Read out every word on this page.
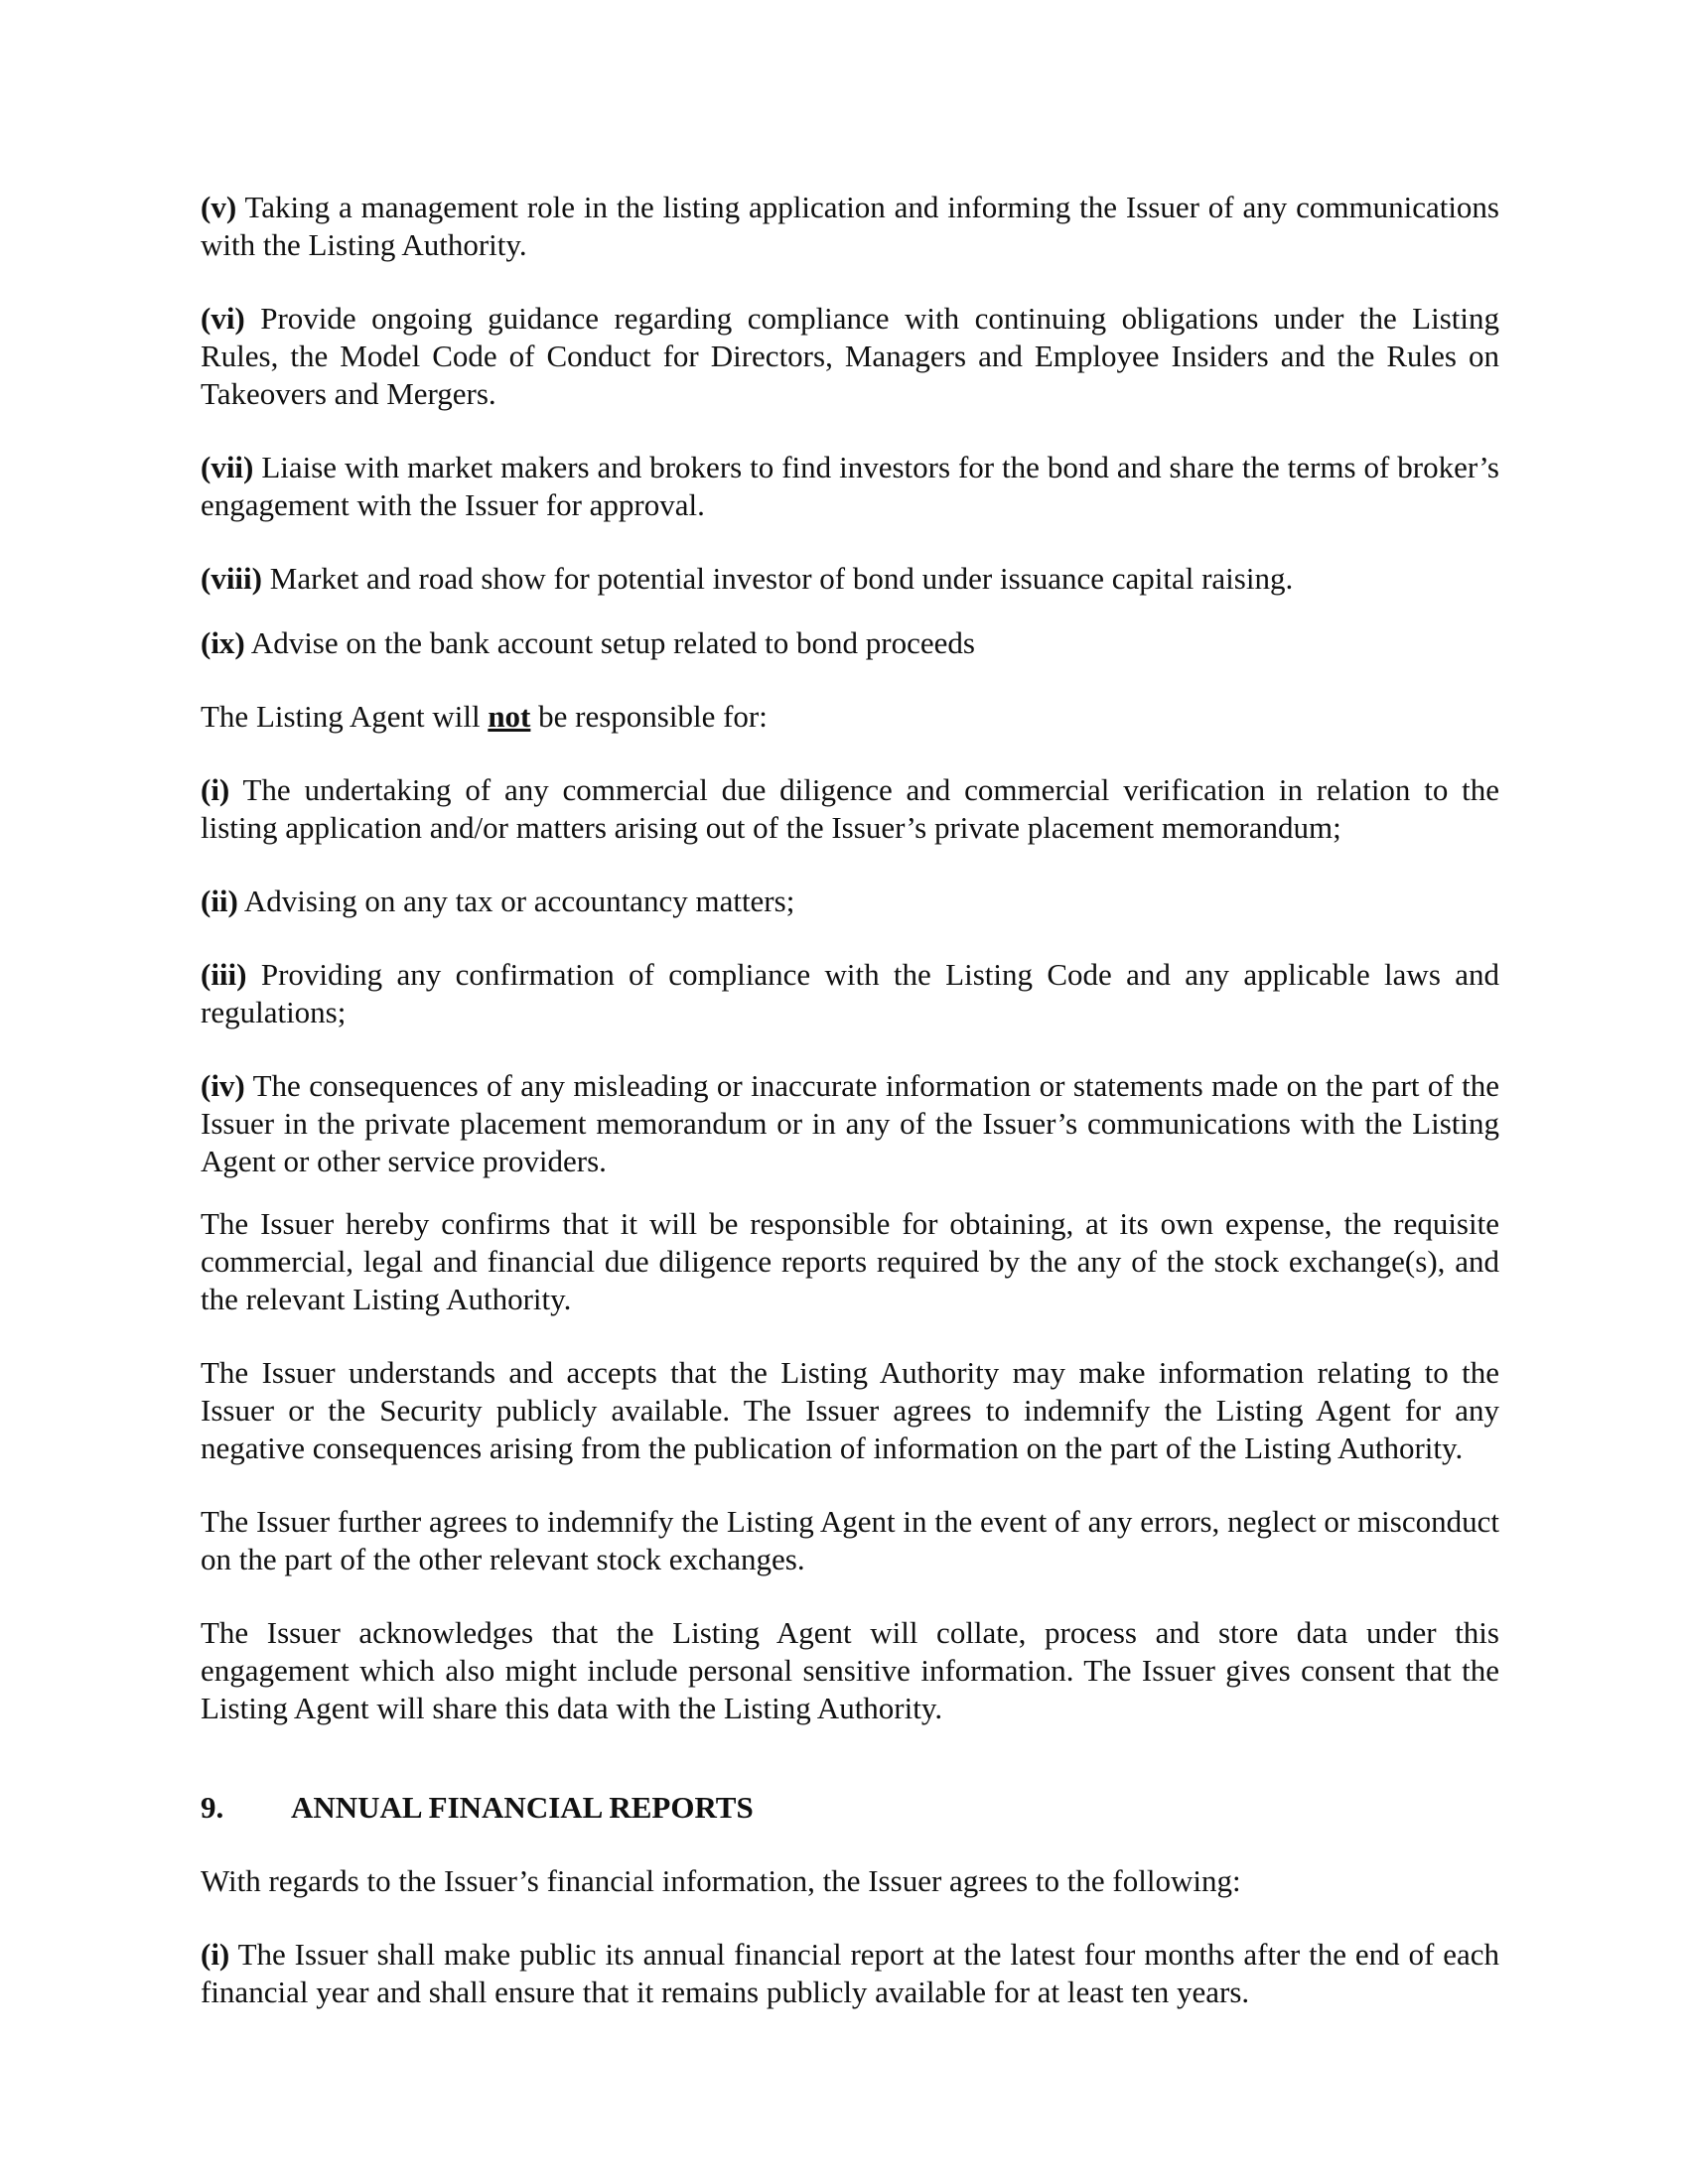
(v) Taking a management role in the listing application and informing the Issuer of any communications with the Listing Authority.

(vi) Provide ongoing guidance regarding compliance with continuing obligations under the Listing Rules, the Model Code of Conduct for Directors, Managers and Employee Insiders and the Rules on Takeovers and Mergers.

(vii) Liaise with market makers and brokers to find investors for the bond and share the terms of broker’s engagement with the Issuer for approval.

(viii) Market and road show for potential investor of bond under issuance capital raising.

(ix) Advise on the bank account setup related to bond proceeds

The Listing Agent will not be responsible for:

(i) The undertaking of any commercial due diligence and commercial verification in relation to the listing application and/or matters arising out of the Issuer’s private placement memorandum;

(ii) Advising on any tax or accountancy matters;

(iii) Providing any confirmation of compliance with the Listing Code and any applicable laws and regulations;

(iv) The consequences of any misleading or inaccurate information or statements made on the part of the Issuer in the private placement memorandum or in any of the Issuer’s communications with the Listing Agent or other service providers.

The Issuer hereby confirms that it will be responsible for obtaining, at its own expense, the requisite commercial, legal and financial due diligence reports required by the any of the stock exchange(s), and the relevant Listing Authority.

The Issuer understands and accepts that the Listing Authority may make information relating to the Issuer or the Security publicly available. The Issuer agrees to indemnify the Listing Agent for any negative consequences arising from the publication of information on the part of the Listing Authority.

The Issuer further agrees to indemnify the Listing Agent in the event of any errors, neglect or misconduct on the part of the other relevant stock exchanges.

The Issuer acknowledges that the Listing Agent will collate, process and store data under this engagement which also might include personal sensitive information. The Issuer gives consent that the Listing Agent will share this data with the Listing Authority.

9. ANNUAL FINANCIAL REPORTS

With regards to the Issuer’s financial information, the Issuer agrees to the following:

(i) The Issuer shall make public its annual financial report at the latest four months after the end of each financial year and shall ensure that it remains publicly available for at least ten years.
